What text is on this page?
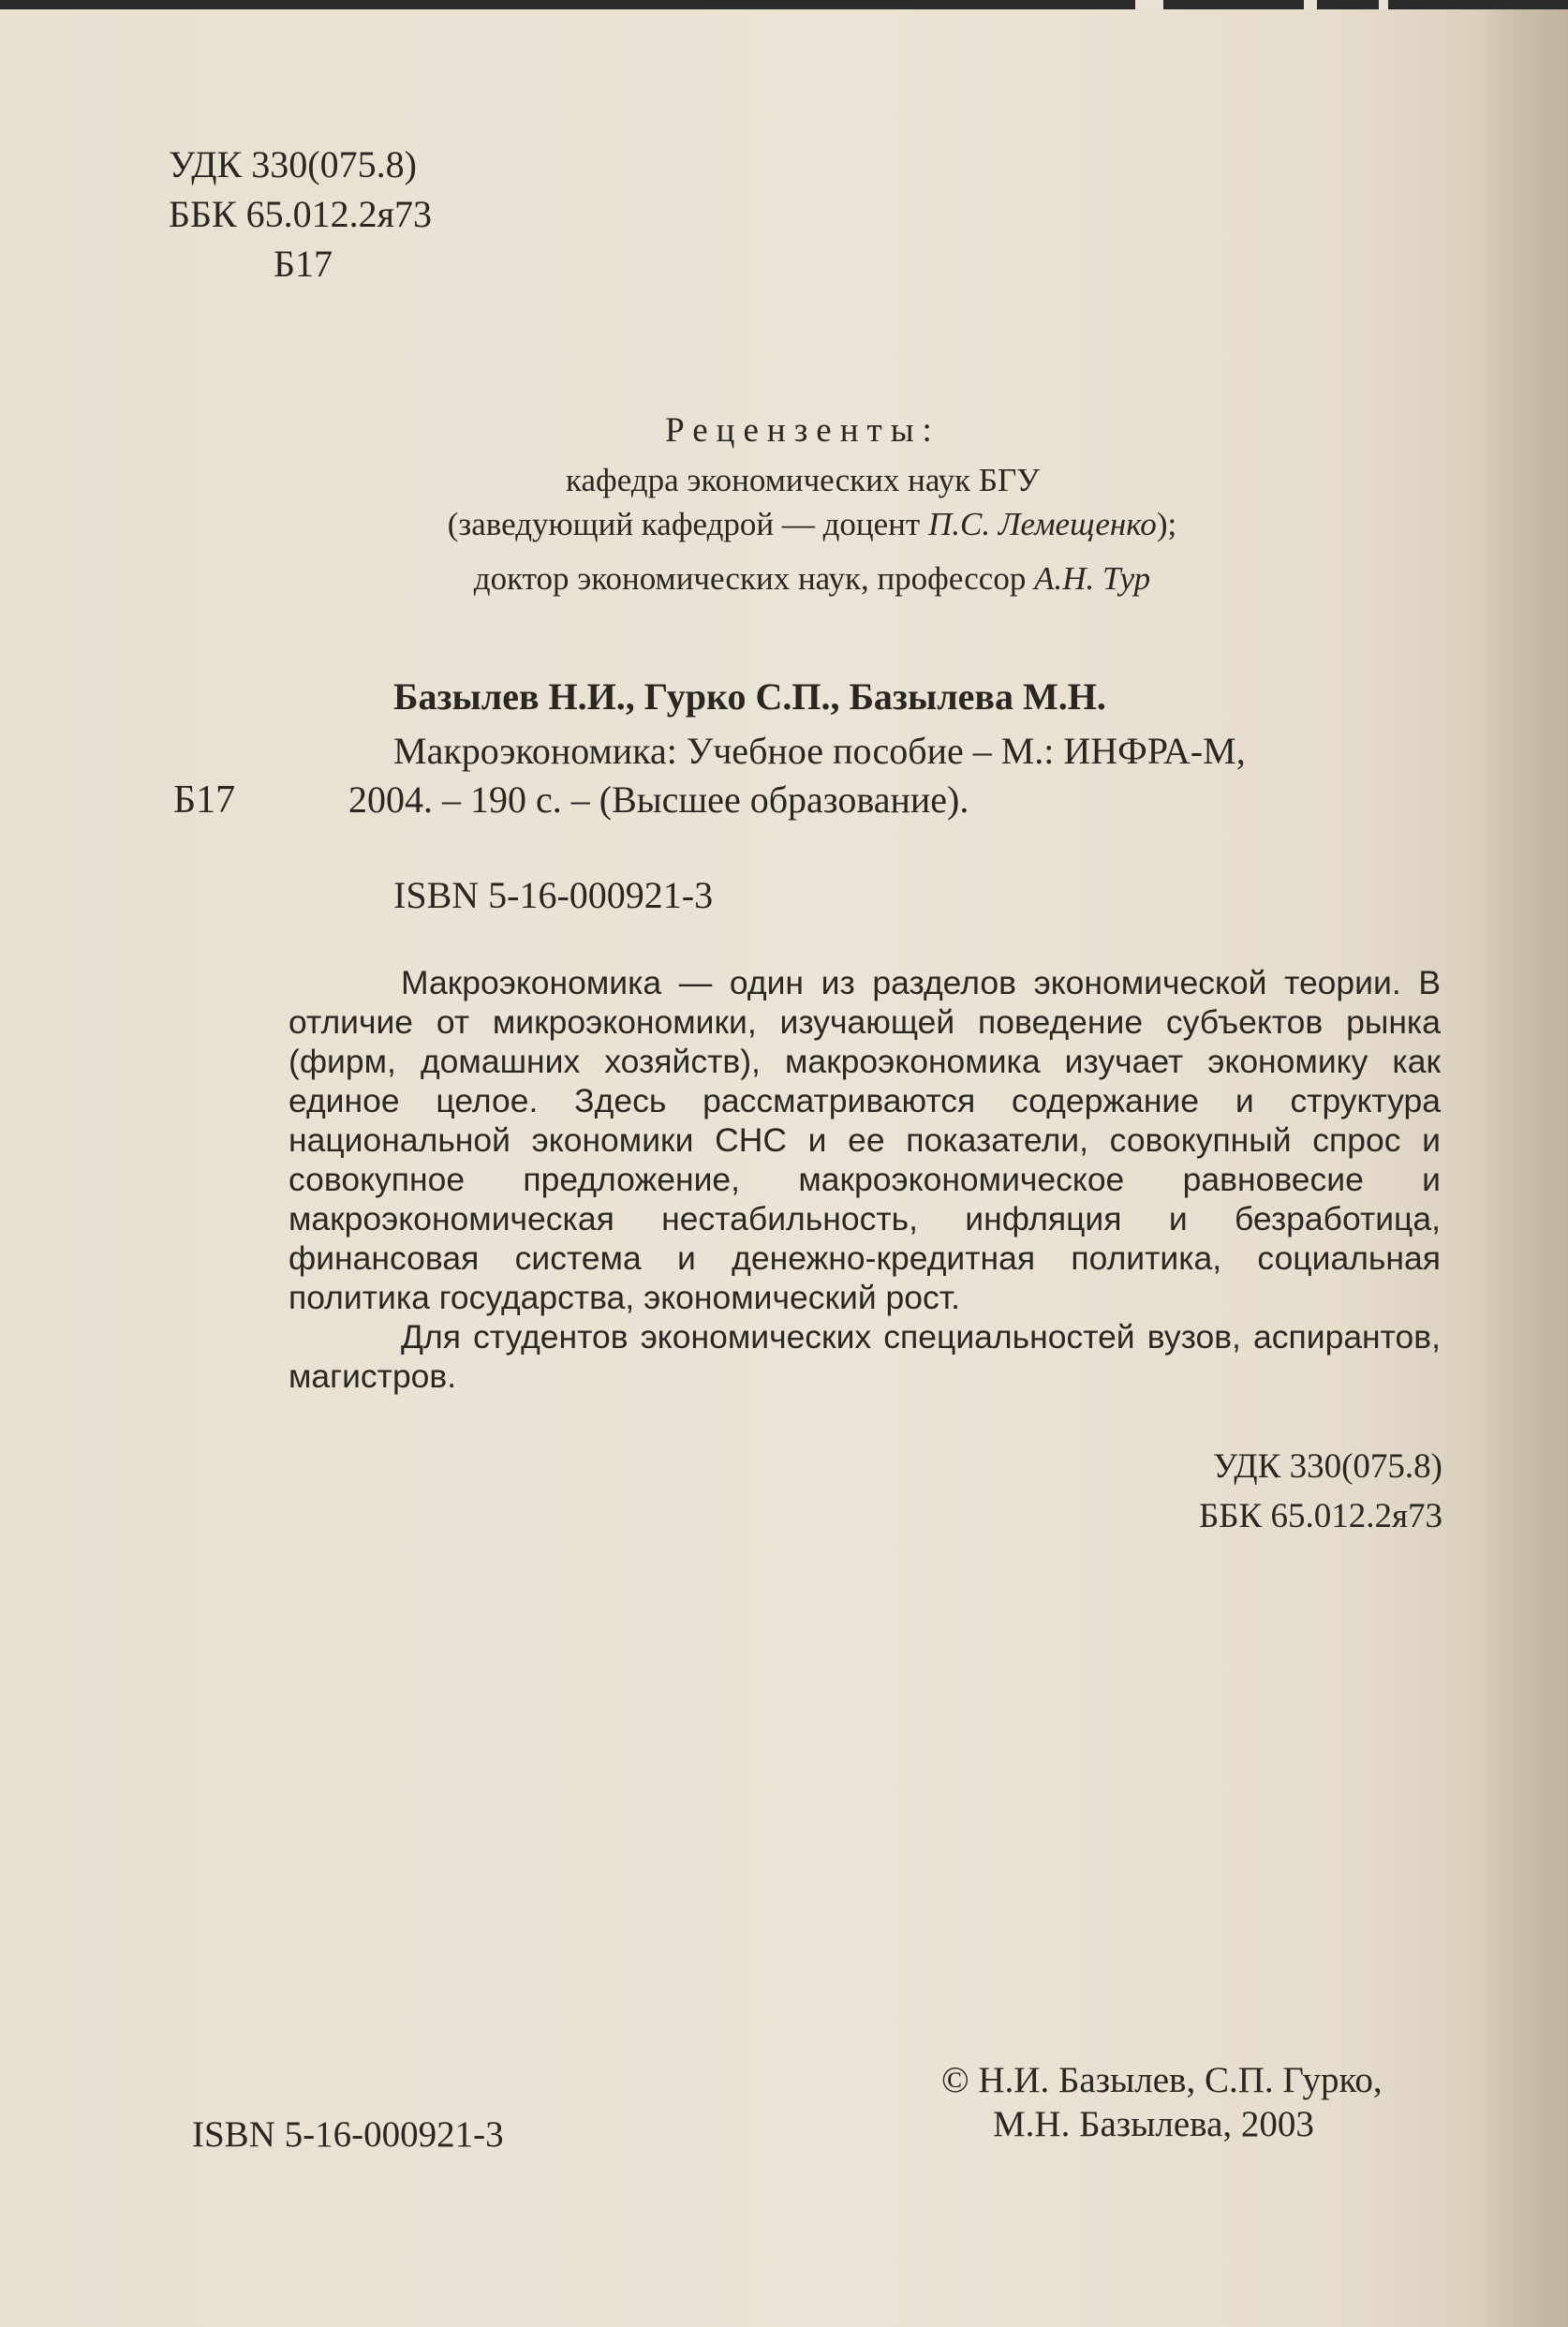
УДК 330(075.8)
ББК 65.012.2я73
Б17
Рецензенты:
кафедра экономических наук БГУ
(заведующий кафедрой — доцент П.С. Лемещенко);
доктор экономических наук, профессор А.Н. Тур
Базылев Н.И., Гурко С.П., Базылева М.Н.
Макроэкономика: Учебное пособие – М.: ИНФРА-М,
Б17	2004. – 190 с. – (Высшее образование).
ISBN 5-16-000921-3

Макроэкономика — один из разделов экономической теории. В отличие от микроэкономики, изучающей поведение субъектов рынка (фирм, домашних хозяйств), макроэкономика изучает экономику как единое целое. Здесь рассматриваются содержание и структура национальной экономики СНС и ее показатели, совокупный спрос и совокупное предложение, макроэкономическое равновесие и макроэкономическая нестабильность, инфляция и безработица, финансовая система и денежно-кредитная политика, социальная политика государства, экономический рост.

Для студентов экономических специальностей вузов, аспирантов, магистров.

УДК 330(075.8)
ББК 65.012.2я73
© Н.И. Базылев, С.П. Гурко,
ISBN 5-16-000921-3	М.Н. Базылева, 2003
